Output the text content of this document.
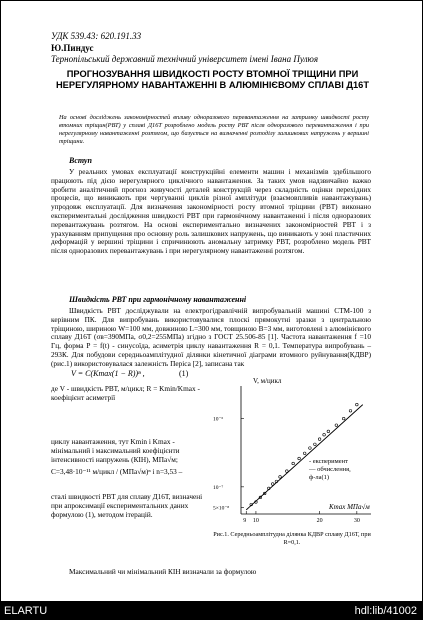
УДК 539.43: 620.191.33
Ю.Пиндус
Тернопільський державний технічний університет імені Івана Пулюя
ПРОГНОЗУВАННЯ ШВИДКОСТІ РОСТУ ВТОМНОЇ ТРІЩИНИ ПРИ НЕРЕГУЛЯРНОМУ НАВАНТАЖЕННІ В АЛЮМІНІЄВОМУ СПЛАВІ Д16Т
На основі досліджень закономірностей впливу одноразового перевантаження на затримку швидкості росту втомних тріщин(РВТ) у сплаві Д16Т розроблено модель росту РВТ після одноразового перевантаження і при нерегулярному навантаженні розтягом, що базується на визначенні розподілу залишкових напружень у вершині тріщини.
Вступ
У реальних умовах експлуатації конструкційні елементи машин і механізмів здебільшого працюють під дією нерегулярного циклічного навантаження. За таких умов надзвичайно важко зробити аналітичний прогноз живучості деталей конструкцій через складність оцінки перехідних процесів, що виникають при чергуванні циклів різної амплітуди (взаємовпливів навантажувань) упродовж експлуатації. Для визначення закономірності росту втомної тріщини (РВТ) виконано експериментальні дослідження швидкості РВТ при гармонічному навантаженні і після одноразових перевантажувань розтягом. На основі експериментально визначених закономірностей РВТ і з урахуванням припущення про основну роль залишкових напружень, що виникають у зоні пластичних деформацій у вершині тріщини і спричинюють аномальну затримку РВТ, розроблено модель РВТ після одноразових перевантажувань і при нерегулярному навантаженні розтягом.
Швидкість РВТ при гармонічному навантаженні
Швидкість РВТ досліджували на електрогідравлічній випробувальній машині СТМ-100 з керівним ПК. Для випробувань використовувалися плоскі прямокутні зразки з центральною тріщиною, шириною W=100 мм, довжиною L=300 мм, товщиною B=3 мм, виготовлені з алюмінієвого сплаву Д16Т (σв=390МПа, σ0,2=255МПа) згідно з ГОСТ 25.506-85 [1]. Частота навантаження f =10 Гц, форма P = f(t) - синусоїда, асиметрія циклу навантаження R = 0,1. Температура випробувань – 293К. Для побудови середньоамплітудної ділянки кінетичної діаграми втомного руйнування(КДВР) (рис.1) використовувалася залежність Періса [2], записана так
V = C(Kmax(1 − R))ⁿ ,	(1)
де V - швидкість РВТ, м/цикл; R = Kmin/Kmax - коефіцієнт асиметрії
циклу навантаження, тут Kmin і Kmax - мінімальний і максимальний коефіцієнти інтенсивності напружень (КІН), МПа√м;
C=3,48·10⁻¹¹ м/цикл / (МПа√м)ⁿ і n=3,53 –
сталі швидкості РВТ для сплаву Д16Т, визначені при апроксимації експериментальних даних формулою (1), методом ітерацій.
Максимальний чи мінімальний КІН визначали за формулою
V, м/цикл
9 10	20	30
5×10⁻⁸
10⁻⁷
10⁻⁶
- експеримент
— обчислення,
ф-ла(1)
Kmax МПа√м
Рис.1. Середньоамплітудна ділянка КДВР сплаву Д16Т, при R=0,1.
ELARTU	hdl:lib/41002
